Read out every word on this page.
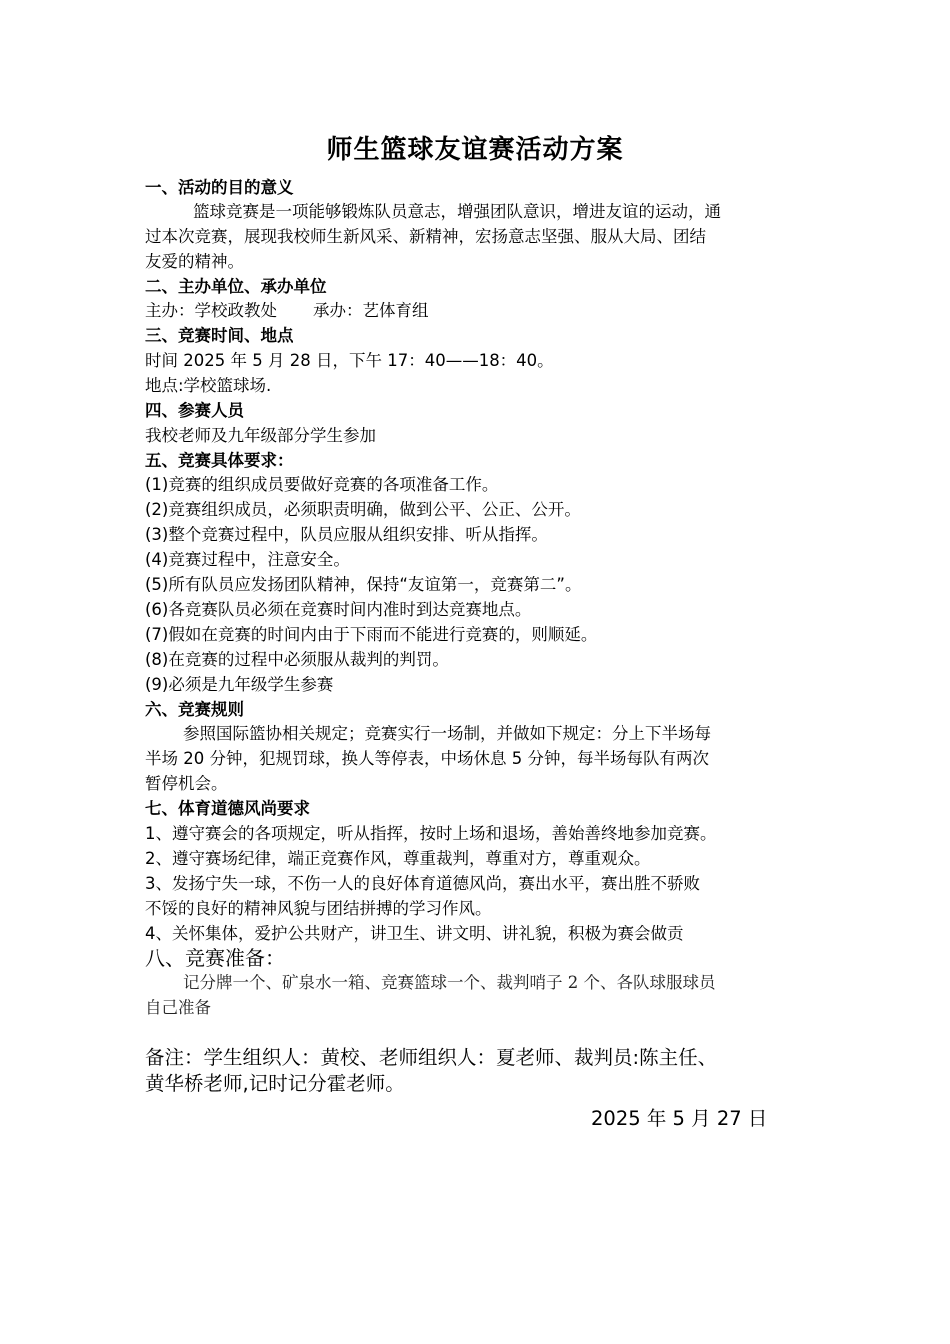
师生篮球友谊赛活动方案
一、活动的目的意义
篮球竞赛是一项能够锻炼队员意志，增强团队意识，增进友谊的运动，通
过本次竞赛，展现我校师生新风采、新精神，宏扬意志坚强、服从大局、团结
友爱的精神。
二、主办单位、承办单位
主办：学校政教处 承办：艺体育组
三、竞赛时间、地点
时间 2025 年 5 月 28 日，下午 17：40——18：40。
地点:学校篮球场.
四、参赛人员
我校老师及九年级部分学生参加
五、竞赛具体要求：
(1)竞赛的组织成员要做好竞赛的各项准备工作。
(2)竞赛组织成员，必须职责明确，做到公平、公正、公开。
(3)整个竞赛过程中，队员应服从组织安排、听从指挥。
(4)竞赛过程中，注意安全。
(5)所有队员应发扬团队精神，保持“友谊第一，竞赛第二”。
(6)各竞赛队员必须在竞赛时间内准时到达竞赛地点。
(7)假如在竞赛的时间内由于下雨而不能进行竞赛的，则顺延。
(8)在竞赛的过程中必须服从裁判的判罚。
(9)必须是九年级学生参赛
六、竞赛规则
参照国际篮协相关规定；竞赛实行一场制，并做如下规定：分上下半场每
半场 20 分钟，犯规罚球，换人等停表，中场休息 5 分钟，每半场每队有两次
暂停机会。
七、体育道德风尚要求
1、遵守赛会的各项规定，听从指挥，按时上场和退场，善始善终地参加竞赛。
2、遵守赛场纪律，端正竞赛作风，尊重裁判，尊重对方，尊重观众。
3、发扬宁失一球，不伤一人的良好体育道德风尚，赛出水平，赛出胜不骄败
不馁的良好的精神风貌与团结拼搏的学习作风。
4、关怀集体，爱护公共财产，讲卫生、讲文明、讲礼貌，积极为赛会做贡
八、竞赛准备：
记分牌一个、矿泉水一箱、竞赛篮球一个、裁判哨子 2 个、各队球服球员
自己准备
备注：学生组织人：黄校、老师组织人：夏老师、裁判员:陈主任、
黄华桥老师,记时记分霍老师。
2025 年 5 月 27 日
